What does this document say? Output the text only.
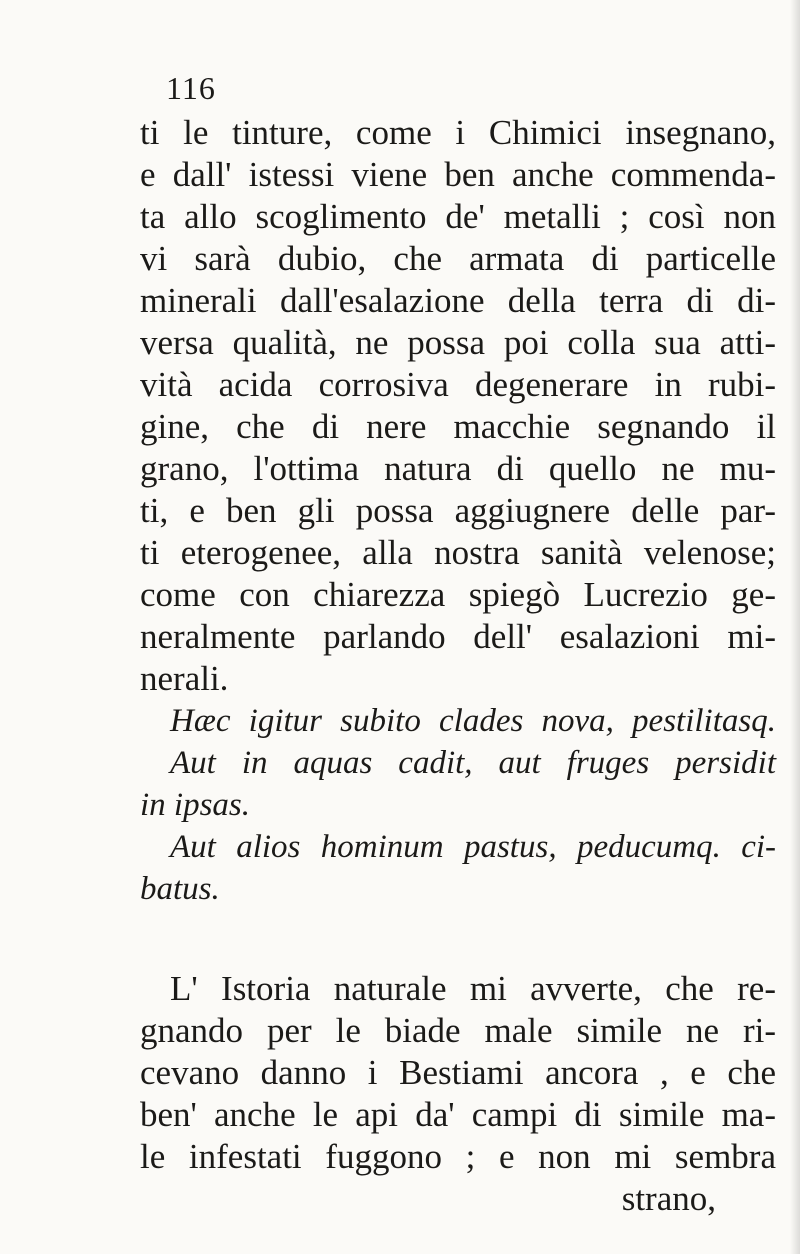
116
ti le tinture, come i Chimici insegnano,
e dall' istessi viene ben anche commenda-
ta allo scoglimento de' metalli ; così non
vi sarà dubio, che armata di particelle
minerali dall'esalazione della terra di di-
versa qualità, ne possa poi colla sua atti-
vità acida corrosiva degenerare in rubi-
gine, che di nere macchie segnando il
grano, l'ottima natura di quello ne mu-
ti, e ben gli possa aggiugnere delle par-
ti eterogenee, alla nostra sanità velenose;
come con chiarezza spiegò Lucrezio ge-
neralmente parlando dell' esalazioni mi-
nerali.
Hæc igitur subito clades nova, pestilitasq.
Aut in aquas cadit, aut fruges persidit
in ipsas.
Aut alios hominum pastus, peducumq. ci-
batus.
L' Istoria naturale mi avverte, che re-
gnando per le biade male simile ne ri-
cevano danno i Bestiami ancora , e che
ben' anche le api da' campi di simile ma-
le infestati fuggono ; e non mi sembra
strano,
